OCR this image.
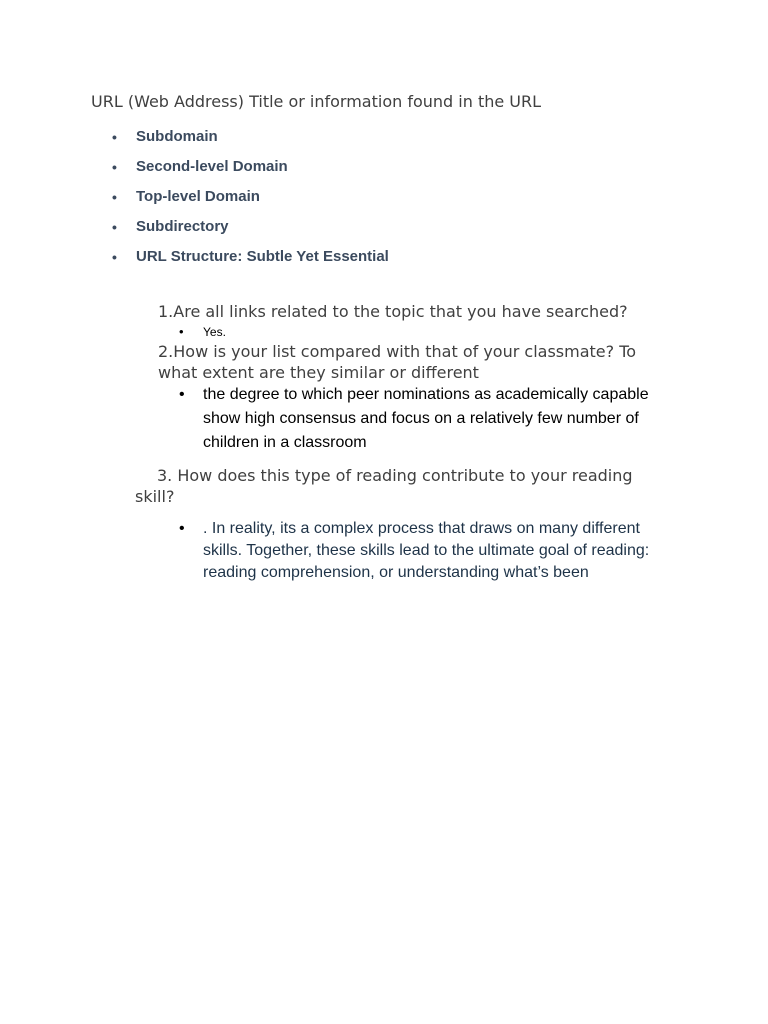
URL (Web Address) Title or information found in the URL

• Subdomain
• Second-level Domain
• Top-level Domain
• Subdirectory
• URL Structure: Subtle Yet Essential

1.Are all links related to the topic that you have searched?

• Yes.

2.How is your list compared with that of your classmate? To what extent are they similar or different

• the degree to which peer nominations as academically capable show high consensus and focus on a relatively few number of children in a classroom

3. How does this type of reading contribute to your reading skill?

• . In reality, its a complex process that draws on many different skills. Together, these skills lead to the ultimate goal of reading: reading comprehension, or understanding what’s been
